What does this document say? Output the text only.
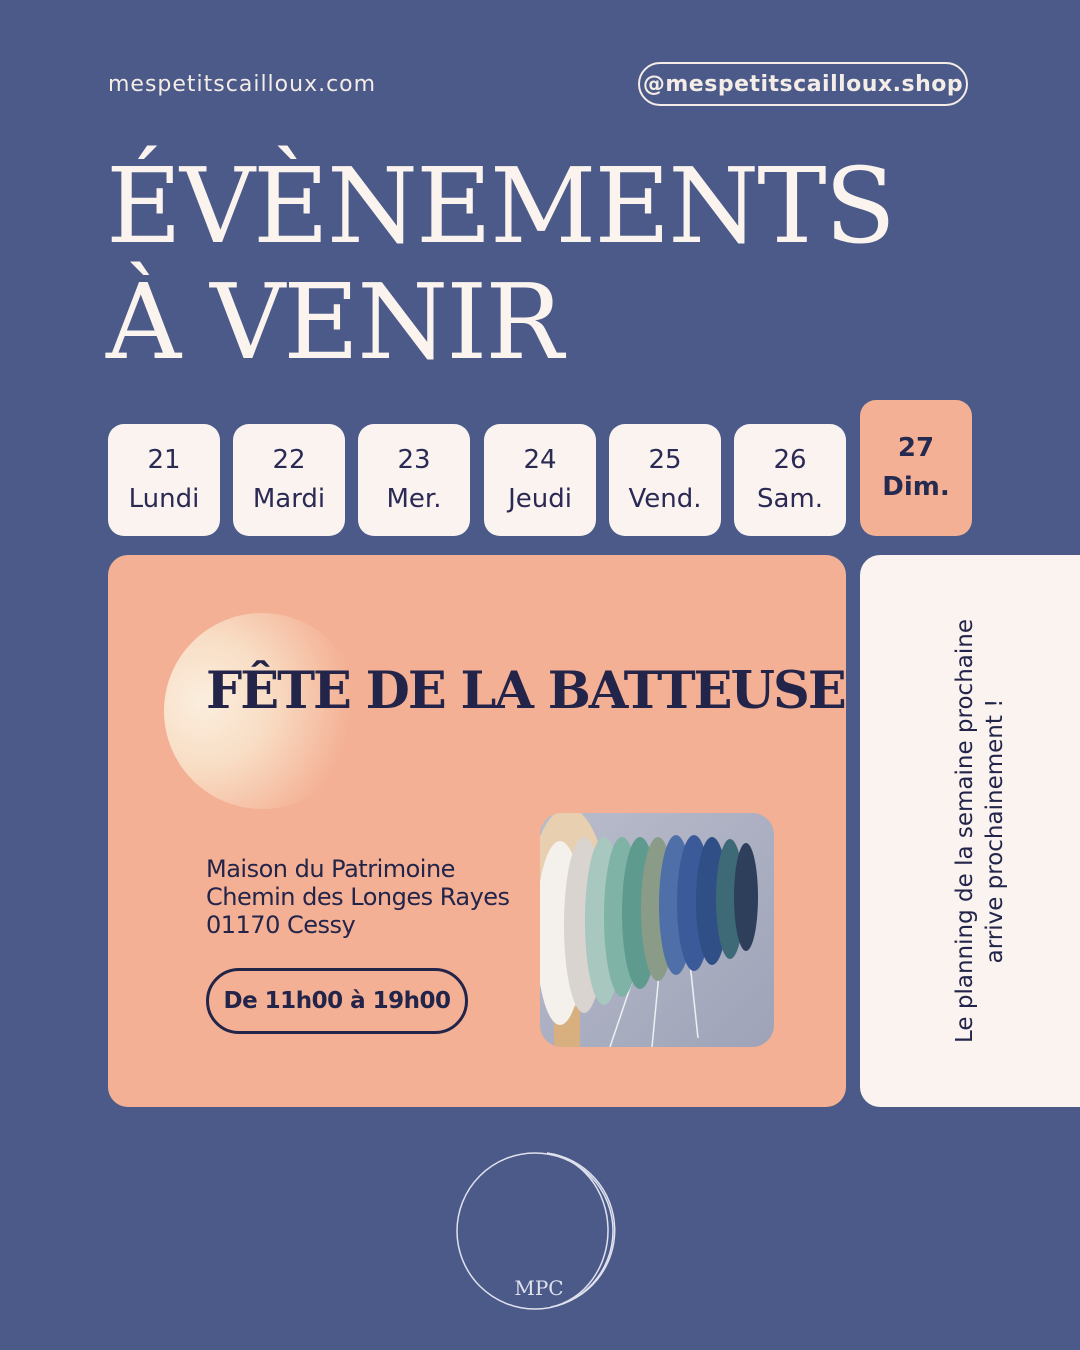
mespetitscailloux.com	@mespetitscailloux.shop
ÉVÈNEMENTS
À VENIR
21
Lundi
22
Mardi
23
Mer.
24
Jeudi
25
Vend.
26
Sam.
27
Dim.
FÊTE DE LA BATTEUSE
Maison du Patrimoine
Chemin des Longes Rayes
01170 Cessy
De 11h00 à 19h00	Le planning de la semaine prochaine arrive prochainement !
MPC
